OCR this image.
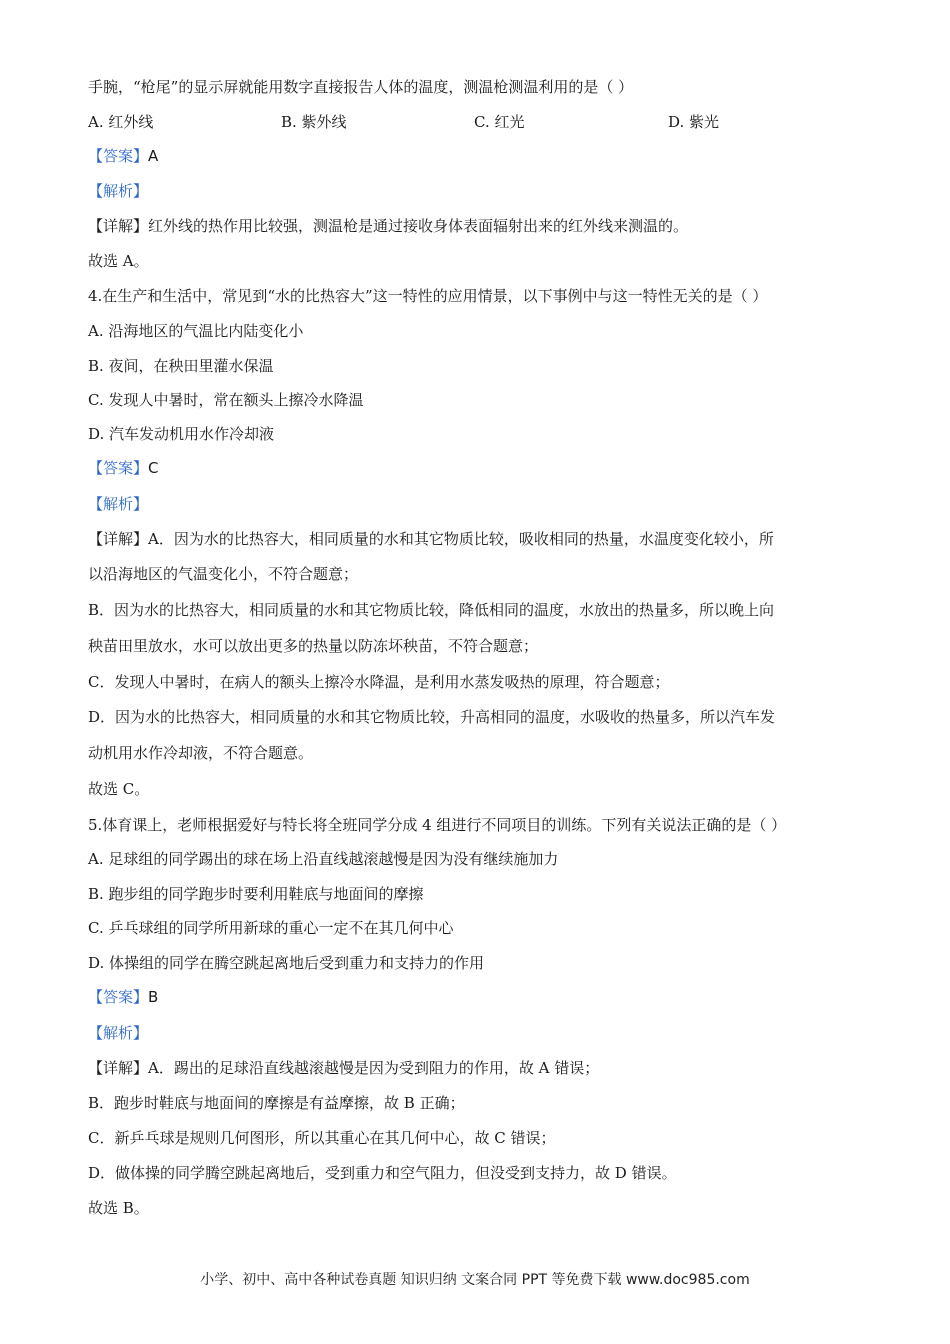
手腕，“枪尾”的显示屏就能用数字直接报告人体的温度，测温枪测温利用的是（ ）
A. 红外线	B. 紫外线	C. 红光	D. 紫光
【答案】A
【解析】
【详解】红外线的热作用比较强，测温枪是通过接收身体表面辐射出来的红外线来测温的。
故选 A。
4.在生产和生活中，常见到“水的比热容大”这一特性的应用情景，以下事例中与这一特性无关的是（ ）
A. 沿海地区的气温比内陆变化小
B. 夜间，在秧田里灌水保温
C. 发现人中暑时，常在额头上擦冷水降温
D. 汽车发动机用水作冷却液
【答案】C
【解析】
【详解】A．因为水的比热容大，相同质量的水和其它物质比较，吸收相同的热量，水温度变化较小，所
以沿海地区的气温变化小，不符合题意；
B．因为水的比热容大，相同质量的水和其它物质比较，降低相同的温度，水放出的热量多，所以晚上向
秧苗田里放水，水可以放出更多的热量以防冻坏秧苗，不符合题意；
C．发现人中暑时，在病人的额头上擦冷水降温，是利用水蒸发吸热的原理，符合题意；
D．因为水的比热容大，相同质量的水和其它物质比较，升高相同的温度，水吸收的热量多，所以汽车发
动机用水作冷却液，不符合题意。
故选 C。
5.体育课上，老师根据爱好与特长将全班同学分成 4 组进行不同项目的训练。下列有关说法正确的是（ ）
A. 足球组的同学踢出的球在场上沿直线越滚越慢是因为没有继续施加力
B. 跑步组的同学跑步时要利用鞋底与地面间的摩擦
C. 乒乓球组的同学所用新球的重心一定不在其几何中心
D. 体操组的同学在腾空跳起离地后受到重力和支持力的作用
【答案】B
【解析】
【详解】A．踢出的足球沿直线越滚越慢是因为受到阻力的作用，故 A 错误；
B．跑步时鞋底与地面间的摩擦是有益摩擦，故 B 正确；
C．新乒乓球是规则几何图形，所以其重心在其几何中心，故 C 错误；
D．做体操的同学腾空跳起离地后，受到重力和空气阻力，但没受到支持力，故 D 错误。
故选 B。
小学、初中、高中各种试卷真题 知识归纳 文案合同 PPT 等免费下载 www.doc985.com
